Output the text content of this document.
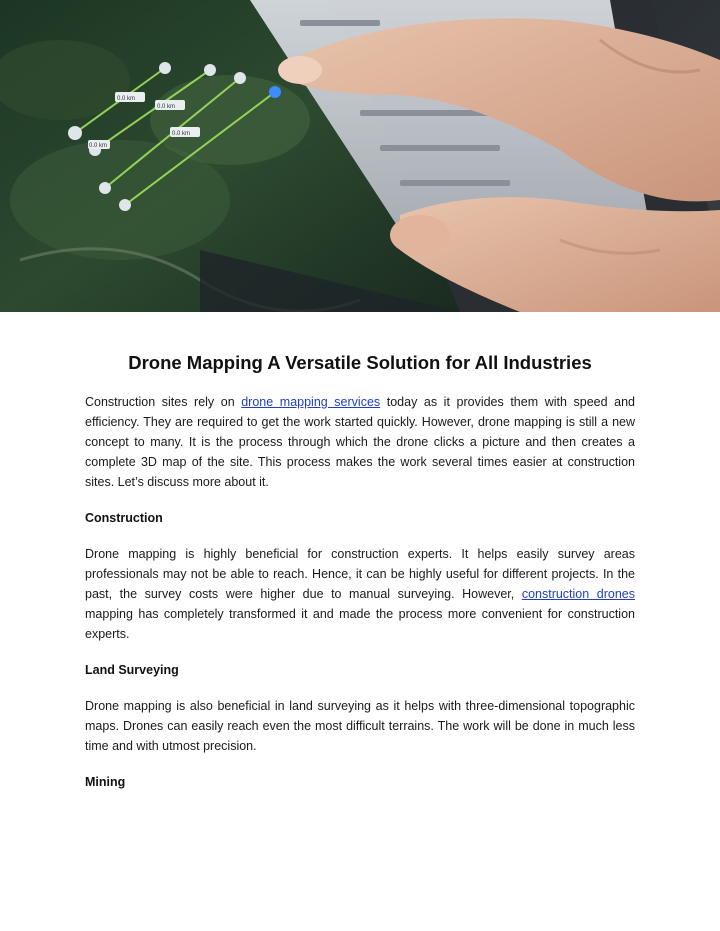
0.0 km
0.0 km
0.0 km
0.0 km
Drone Mapping A Versatile Solution for All Industries

Construction sites rely on drone mapping services today as it provides them with speed and efficiency. They are required to get the work started quickly. However, drone mapping is still a new concept to many. It is the process through which the drone clicks a picture and then creates a complete 3D map of the site. This process makes the work several times easier at construction sites. Let’s discuss more about it.

Construction

Drone mapping is highly beneficial for construction experts. It helps easily survey areas professionals may not be able to reach. Hence, it can be highly useful for different projects. In the past, the survey costs were higher due to manual surveying. However, construction drones mapping has completely transformed it and made the process more convenient for construction experts.

Land Surveying

Drone mapping is also beneficial in land surveying as it helps with three-dimensional topographic maps. Drones can easily reach even the most difficult terrains. The work will be done in much less time and with utmost precision.

Mining
